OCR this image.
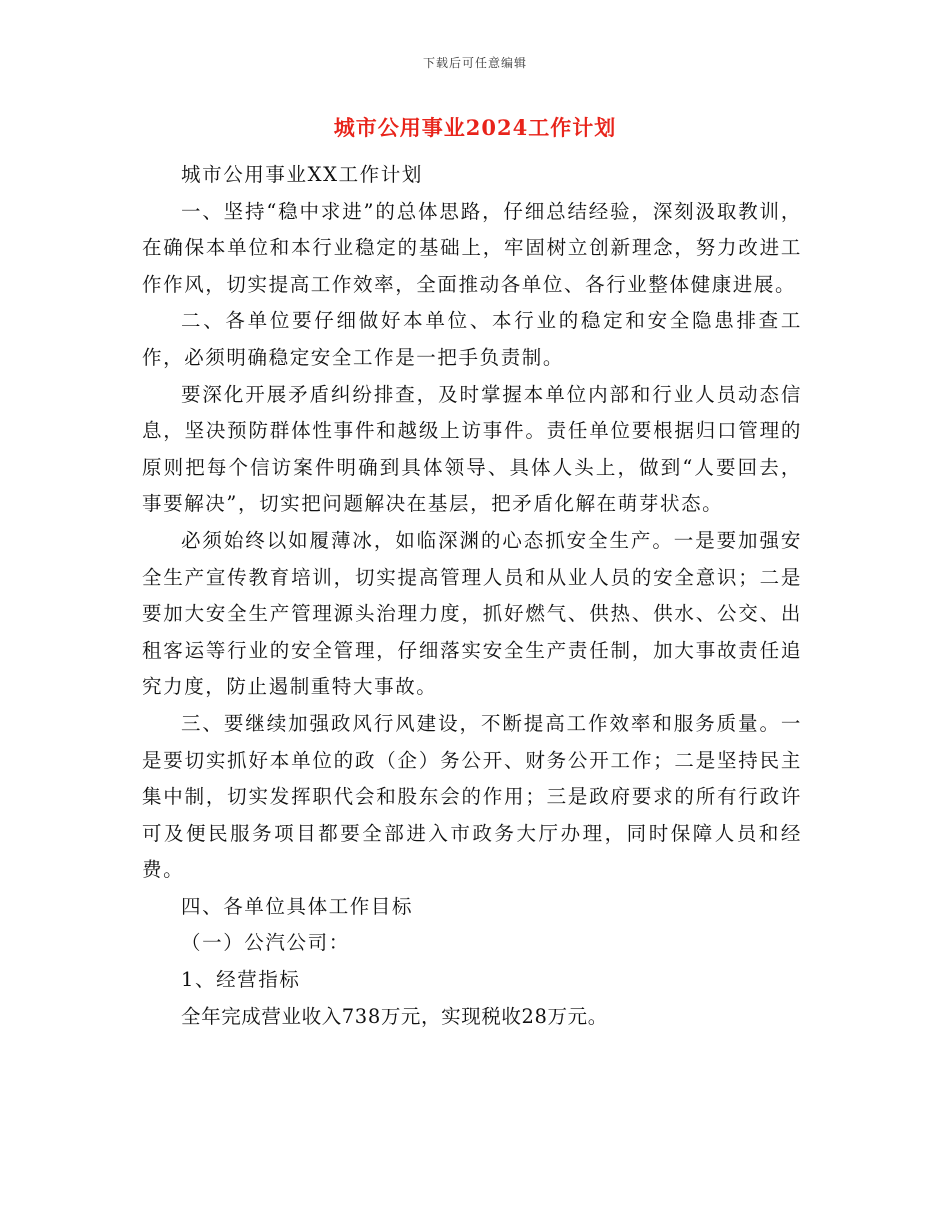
下载后可任意编辑
城市公用事业2024工作计划

城市公用事业XX工作计划

一、坚持“稳中求进”的总体思路，仔细总结经验，深刻汲取教训，在确保本单位和本行业稳定的基础上，牢固树立创新理念，努力改进工作作风，切实提高工作效率，全面推动各单位、各行业整体健康进展。

二、各单位要仔细做好本单位、本行业的稳定和安全隐患排查工作，必须明确稳定安全工作是一把手负责制。

要深化开展矛盾纠纷排查，及时掌握本单位内部和行业人员动态信息，坚决预防群体性事件和越级上访事件。责任单位要根据归口管理的原则把每个信访案件明确到具体领导、具体人头上，做到“人要回去，事要解决”，切实把问题解决在基层，把矛盾化解在萌芽状态。

必须始终以如履薄冰，如临深渊的心态抓安全生产。一是要加强安全生产宣传教育培训，切实提高管理人员和从业人员的安全意识；二是要加大安全生产管理源头治理力度，抓好燃气、供热、供水、公交、出租客运等行业的安全管理，仔细落实安全生产责任制，加大事故责任追究力度，防止遏制重特大事故。

三、要继续加强政风行风建设，不断提高工作效率和服务质量。一是要切实抓好本单位的政（企）务公开、财务公开工作；二是坚持民主集中制，切实发挥职代会和股东会的作用；三是政府要求的所有行政许可及便民服务项目都要全部进入市政务大厅办理，同时保障人员和经费。

四、各单位具体工作目标

（一）公汽公司：

1、经营指标

全年完成营业收入738万元，实现税收28万元。
